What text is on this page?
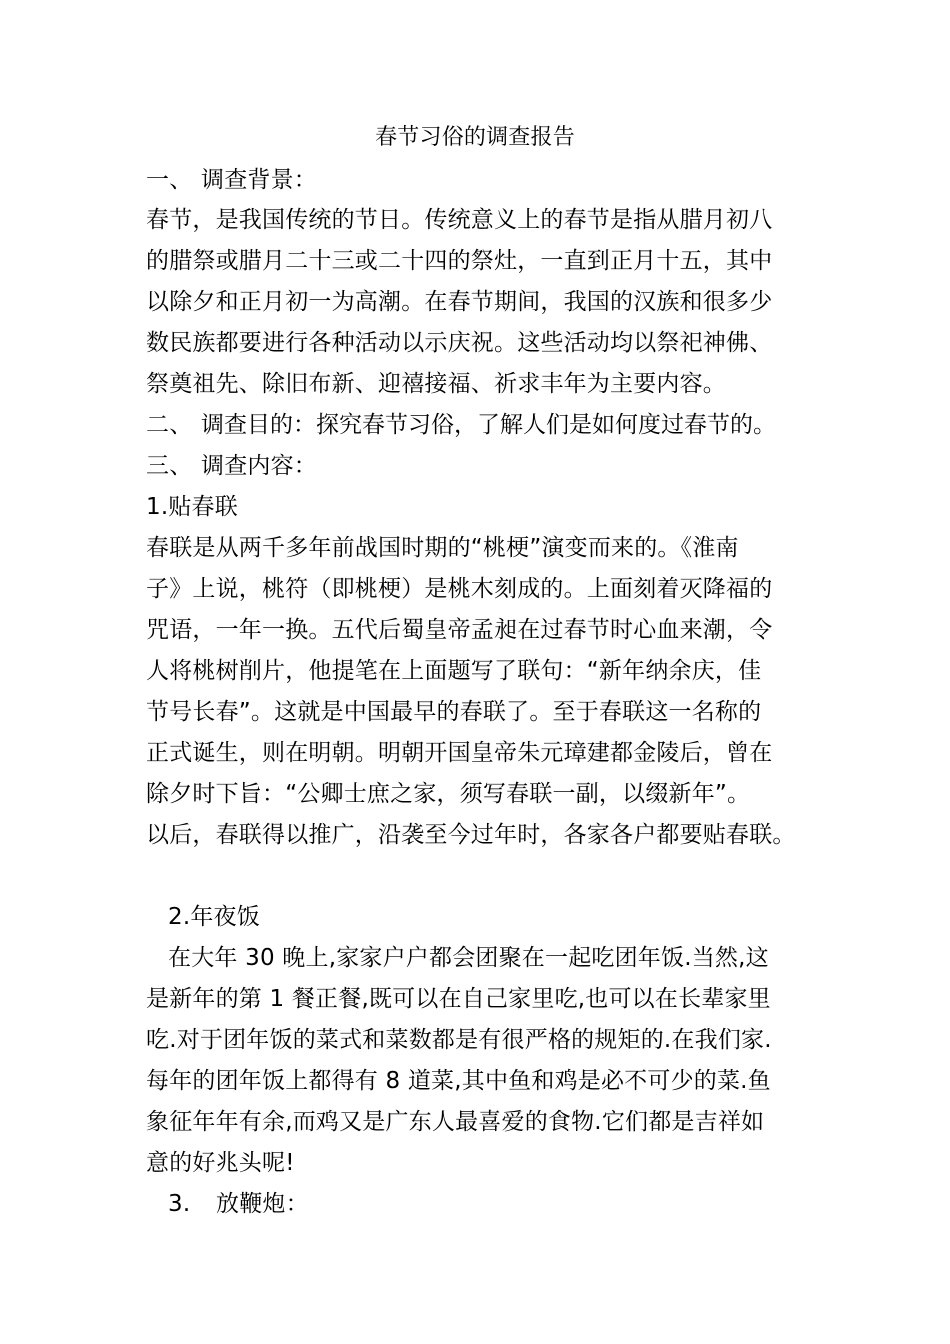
春节习俗的调查报告
一、 调查背景：
春节，是我国传统的节日。传统意义上的春节是指从腊月初八
的腊祭或腊月二十三或二十四的祭灶，一直到正月十五，其中
以除夕和正月初一为高潮。在春节期间，我国的汉族和很多少
数民族都要进行各种活动以示庆祝。这些活动均以祭祀神佛、
祭奠祖先、除旧布新、迎禧接福、祈求丰年为主要内容。
二、 调查目的：探究春节习俗，了解人们是如何度过春节的。
三、 调查内容：
1.贴春联
春联是从两千多年前战国时期的“桃梗”演变而来的。《淮南
子》上说，桃符（即桃梗）是桃木刻成的。上面刻着灭降福的
咒语，一年一换。五代后蜀皇帝孟昶在过春节时心血来潮，令
人将桃树削片，他提笔在上面题写了联句：“新年纳余庆，佳
节号长春”。这就是中国最早的春联了。至于春联这一名称的
正式诞生，则在明朝。明朝开国皇帝朱元璋建都金陵后，曾在
除夕时下旨：“公卿士庶之家，须写春联一副，以缀新年”。
以后，春联得以推广，沿袭至今过年时，各家各户都要贴春联。
2.年夜饭
在大年 30 晚上,家家户户都会团聚在一起吃团年饭.当然,这
是新年的第 1 餐正餐,既可以在自己家里吃,也可以在长辈家里
吃.对于团年饭的菜式和菜数都是有很严格的规矩的.在我们家.
每年的团年饭上都得有 8 道菜,其中鱼和鸡是必不可少的菜.鱼
象征年年有余,而鸡又是广东人最喜爱的食物.它们都是吉祥如
意的好兆头呢!
3. 放鞭炮：
